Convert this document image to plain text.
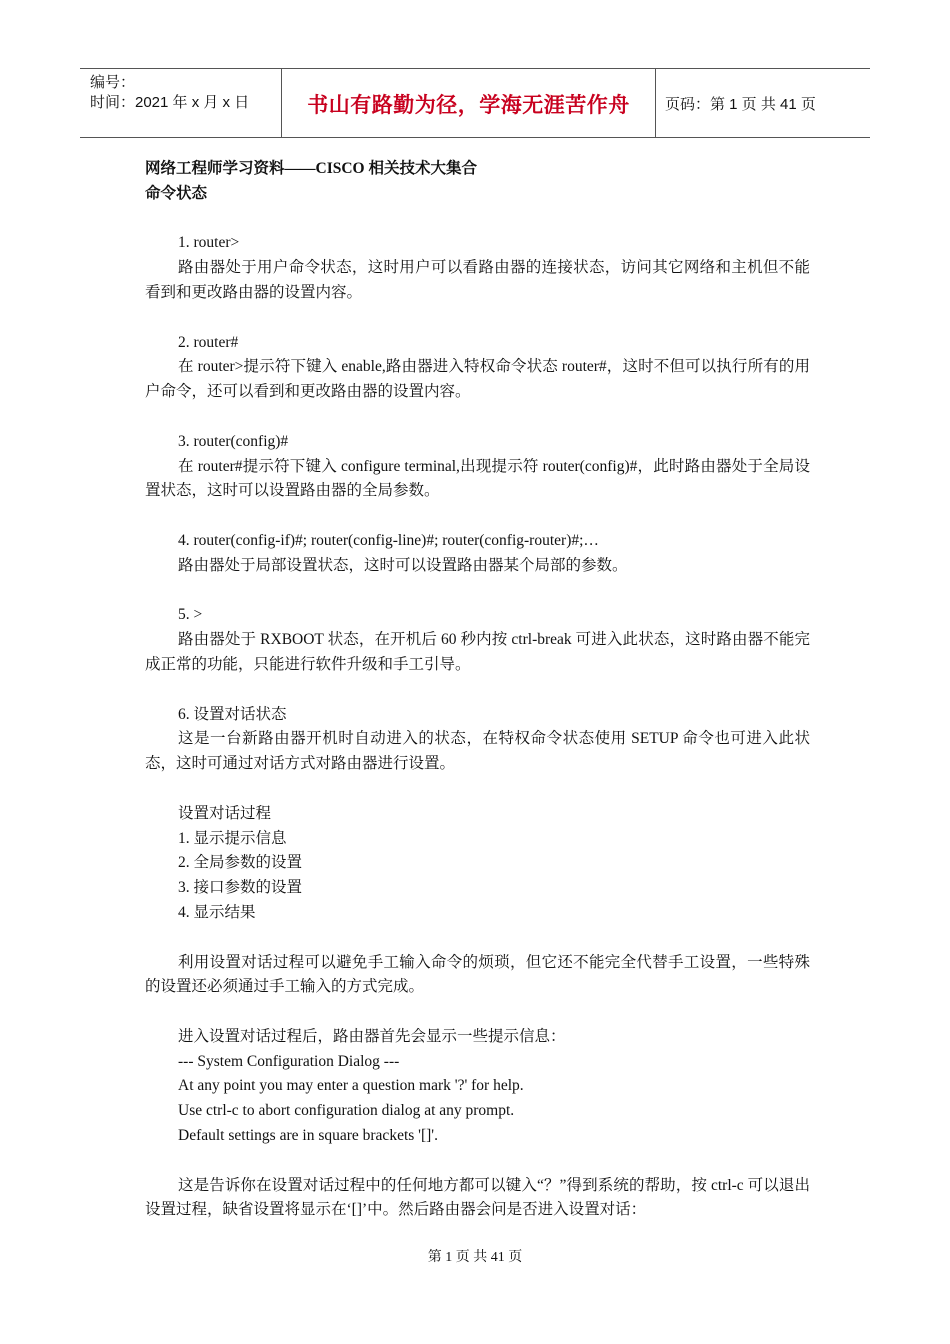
编号：
时间：2021 年 x 月 x 日	书山有路勤为径，学海无涯苦作舟	页码：第 1 页 共 41 页
网络工程师学习资料——CISCO 相关技术大集合
命令状态
1. router>

路由器处于用户命令状态，这时用户可以看路由器的连接状态，访问其它网络和主机但不能看到和更改路由器的设置内容。

2. router#

在 router>提示符下键入 enable,路由器进入特权命令状态 router#，这时不但可以执行所有的用户命令，还可以看到和更改路由器的设置内容。

3. router(config)#

在 router#提示符下键入 configure terminal,出现提示符 router(config)#，此时路由器处于全局设置状态，这时可以设置路由器的全局参数。

4. router(config-if)#; router(config-line)#; router(config-router)#;…

路由器处于局部设置状态，这时可以设置路由器某个局部的参数。

5. >

路由器处于 RXBOOT 状态，在开机后 60 秒内按 ctrl-break 可进入此状态，这时路由器不能完成正常的功能，只能进行软件升级和手工引导。

6. 设置对话状态

这是一台新路由器开机时自动进入的状态，在特权命令状态使用 SETUP 命令也可进入此状态，这时可通过对话方式对路由器进行设置。

设置对话过程
1. 显示提示信息
2. 全局参数的设置
3. 接口参数的设置
4. 显示结果

利用设置对话过程可以避免手工输入命令的烦琐，但它还不能完全代替手工设置，一些特殊的设置还必须通过手工输入的方式完成。

进入设置对话过程后，路由器首先会显示一些提示信息：
--- System Configuration Dialog ---
At any point you may enter a question mark '?' for help.
Use ctrl-c to abort configuration dialog at any prompt.
Default settings are in square brackets '[]'.

这是告诉你在设置对话过程中的任何地方都可以键入“？”得到系统的帮助，按 ctrl-c 可以退出设置过程，缺省设置将显示在‘[]’中。然后路由器会问是否进入设置对话：

第 1 页 共 41 页
